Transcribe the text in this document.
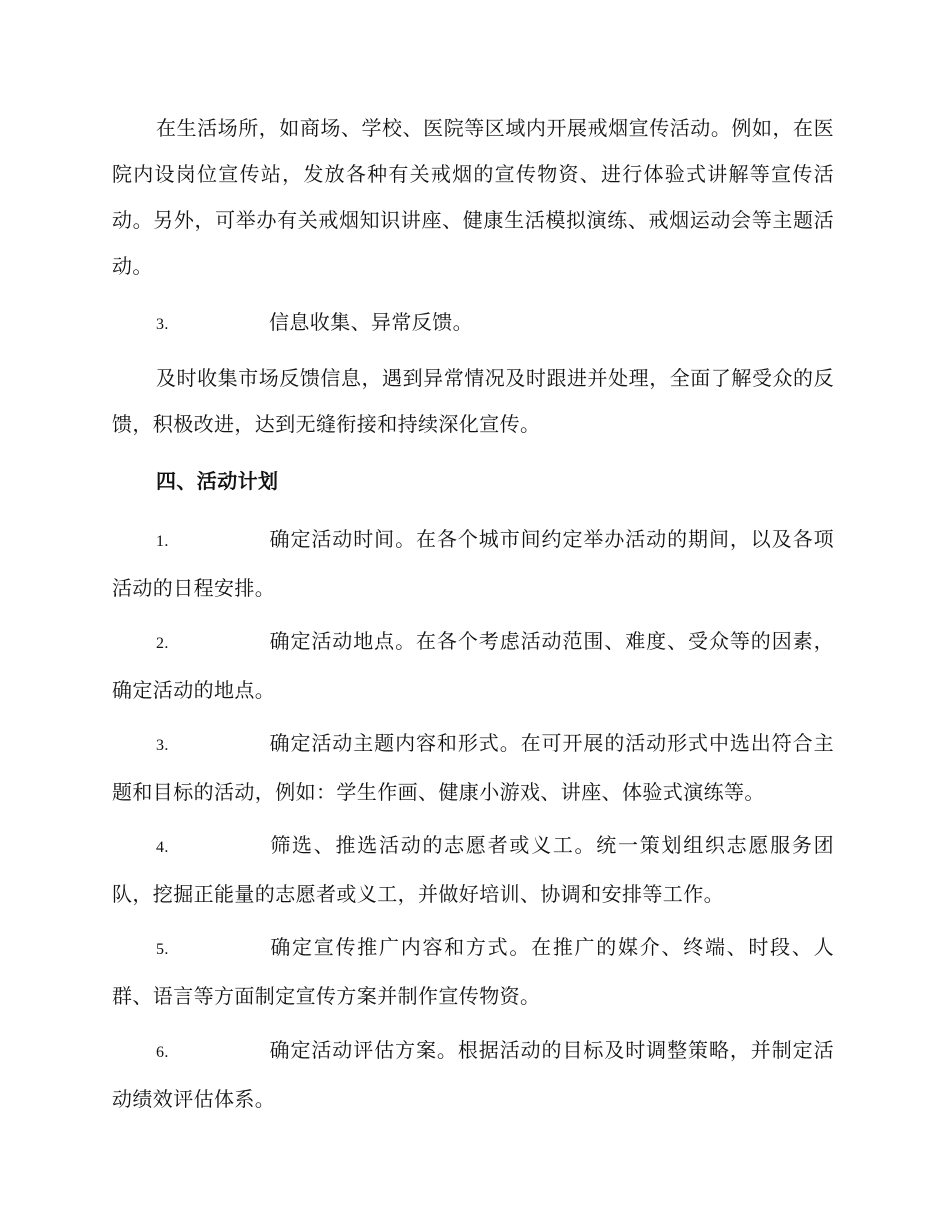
在生活场所，如商场、学校、医院等区域内开展戒烟宣传活动。例如，在医院内设岗位宣传站，发放各种有关戒烟的宣传物资、进行体验式讲解等宣传活动。另外，可举办有关戒烟知识讲座、健康生活模拟演练、戒烟运动会等主题活动。

3.	信息收集、异常反馈。

及时收集市场反馈信息，遇到异常情况及时跟进并处理，全面了解受众的反馈，积极改进，达到无缝衔接和持续深化宣传。

四、活动计划

1.	确定活动时间。在各个城市间约定举办活动的期间，以及各项活动的日程安排。

2.	确定活动地点。在各个考虑活动范围、难度、受众等的因素，确定活动的地点。

3.	确定活动主题内容和形式。在可开展的活动形式中选出符合主题和目标的活动，例如：学生作画、健康小游戏、讲座、体验式演练等。

4.	筛选、推选活动的志愿者或义工。统一策划组织志愿服务团队，挖掘正能量的志愿者或义工，并做好培训、协调和安排等工作。

5.	确定宣传推广内容和方式。在推广的媒介、终端、时段、人群、语言等方面制定宣传方案并制作宣传物资。

6.	确定活动评估方案。根据活动的目标及时调整策略，并制定活动绩效评估体系。
